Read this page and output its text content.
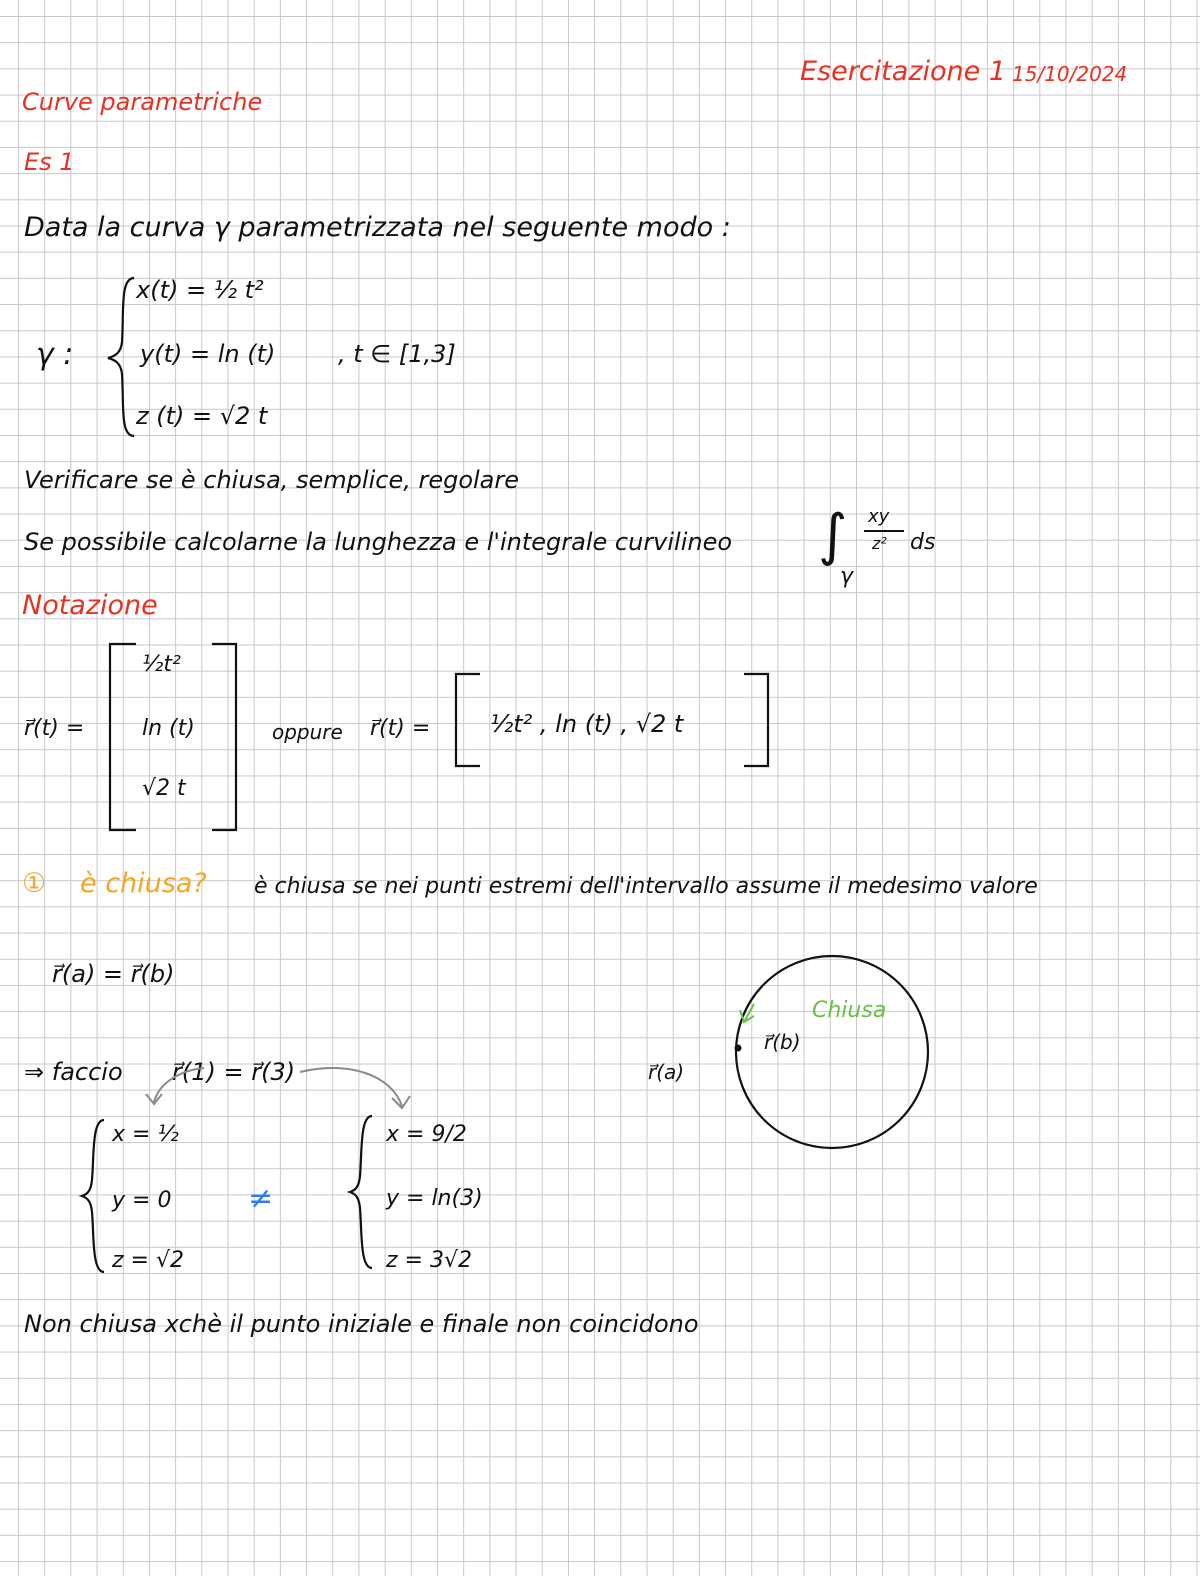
Esercitazione 1 15/10/2024
Curve parametriche
Es 1
Data la curva γ parametrizzata nel seguente modo :
γ :
x(t) = ½ t²
y(t) = ln (t)	, t ∈ [1,3]
z (t) = √2 t
Verificare se è chiusa, semplice, regolare
Se possibile calcolarne la lunghezza e l'integrale curvilineo ∫
γ
xy
z² ds
Notazione
r⃗(t) =
½t²
ln (t)
√2 t
oppure r⃗(t) = ½t² , ln (t) , √2 t
① è chiusa? è chiusa se nei punti estremi dell'intervallo assume il medesimo valore
r⃗(a) = r⃗(b)
⇒ faccio r⃗(1) = r⃗(3)
x = ½
y = 0
z = √2
≠
x = 9/2
y = ln(3)
z = 3√2
Non chiusa xchè il punto iniziale e finale non coincidono
r⃗(a)
r⃗(b)
Chiusa
